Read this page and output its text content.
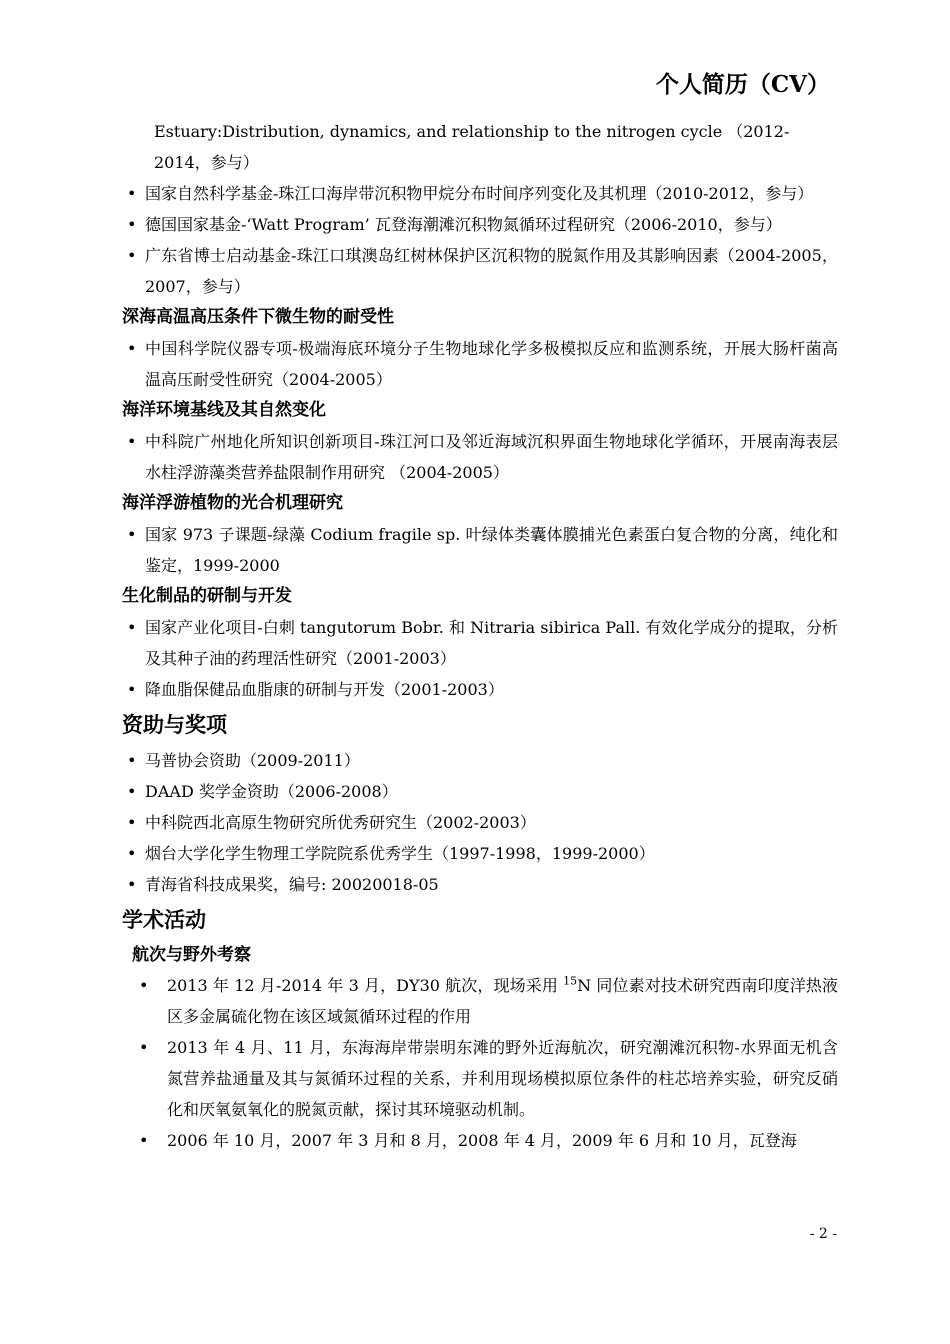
个人简历（CV）
Estuary:Distribution, dynamics, and relationship to the nitrogen cycle （2012-2014，参与）
• 国家自然科学基金-珠江口海岸带沉积物甲烷分布时间序列变化及其机理（2010-2012，参与）
• 德国国家基金-‘Watt Program’ 瓦登海潮滩沉积物氮循环过程研究（2006-2010，参与）
• 广东省博士启动基金-珠江口琪澳岛红树林保护区沉积物的脱氮作用及其影响因素（2004-2005，2007，参与）
深海高温高压条件下微生物的耐受性
• 中国科学院仪器专项-极端海底环境分子生物地球化学多极模拟反应和监测系统，开展大肠杆菌高温高压耐受性研究（2004-2005）
海洋环境基线及其自然变化
• 中科院广州地化所知识创新项目-珠江河口及邻近海域沉积界面生物地球化学循环，开展南海表层水柱浮游藻类营养盐限制作用研究 （2004-2005）
海洋浮游植物的光合机理研究
• 国家 973 子课题-绿藻 Codium fragile sp. 叶绿体类囊体膜捕光色素蛋白复合物的分离，纯化和鉴定，1999-2000
生化制品的研制与开发
• 国家产业化项目-白刺 tangutorum Bobr. 和 Nitraria sibirica Pall. 有效化学成分的提取，分析及其种子油的药理活性研究（2001-2003）
• 降血脂保健品血脂康的研制与开发（2001-2003）
资助与奖项
• 马普协会资助（2009-2011）
• DAAD 奖学金资助（2006-2008）
• 中科院西北高原生物研究所优秀研究生（2002-2003）
• 烟台大学化学生物理工学院院系优秀学生（1997-1998，1999-2000）
• 青海省科技成果奖，编号: 20020018-05
学术活动
航次与野外考察
• 2013 年 12 月-2014 年 3 月，DY30 航次，现场采用 $^{15}$N 同位素对技术研究西南印度洋热液区多金属硫化物在该区域氮循环过程的作用
• 2013 年 4 月、11 月，东海海岸带崇明东滩的野外近海航次，研究潮滩沉积物-水界面无机含氮营养盐通量及其与氮循环过程的关系，并利用现场模拟原位条件的柱芯培养实验，研究反硝化和厌氧氨氧化的脱氮贡献，探讨其环境驱动机制。
• 2006 年 10 月，2007 年 3 月和 8 月，2008 年 4 月，2009 年 6 月和 10 月，瓦登海
- 2 -
